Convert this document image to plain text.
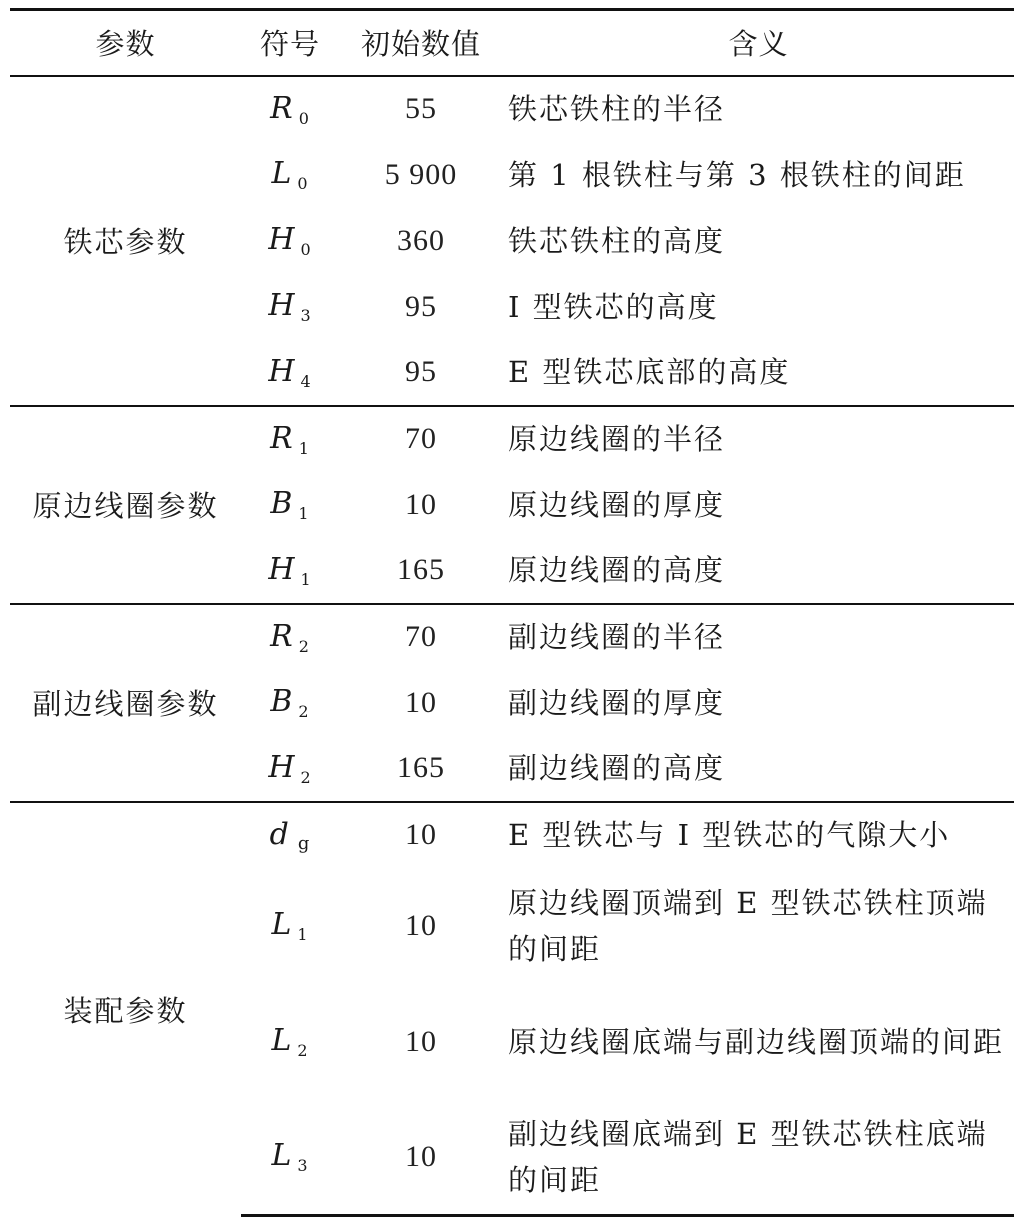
参数	符号	初始数值	含义
铁芯参数	R $_0$	55	铁芯铁柱的半径
	L $_0$	5 900	第 1 根铁柱与第 3 根铁柱的间距
	H $_0$	360	铁芯铁柱的高度
	H $_3$	95	I 型铁芯的高度
	H $_4$	95	E 型铁芯底部的高度
原边线圈参数	R $_1$	70	原边线圈的半径
	B $_1$	10	原边线圈的厚度
	H $_1$	165	原边线圈的高度
副边线圈参数	R $_2$	70	副边线圈的半径
	B $_2$	10	副边线圈的厚度
	H $_2$	165	副边线圈的高度
装配参数	d $_g$	10	E 型铁芯与 I 型铁芯的气隙大小
	L $_1$	10	原边线圈顶端到 E 型铁芯铁柱顶端的间距
	L $_2$	10	原边线圈底端与副边线圈顶端的间距
	L $_3$	10	副边线圈底端到 E 型铁芯铁柱底端的间距
